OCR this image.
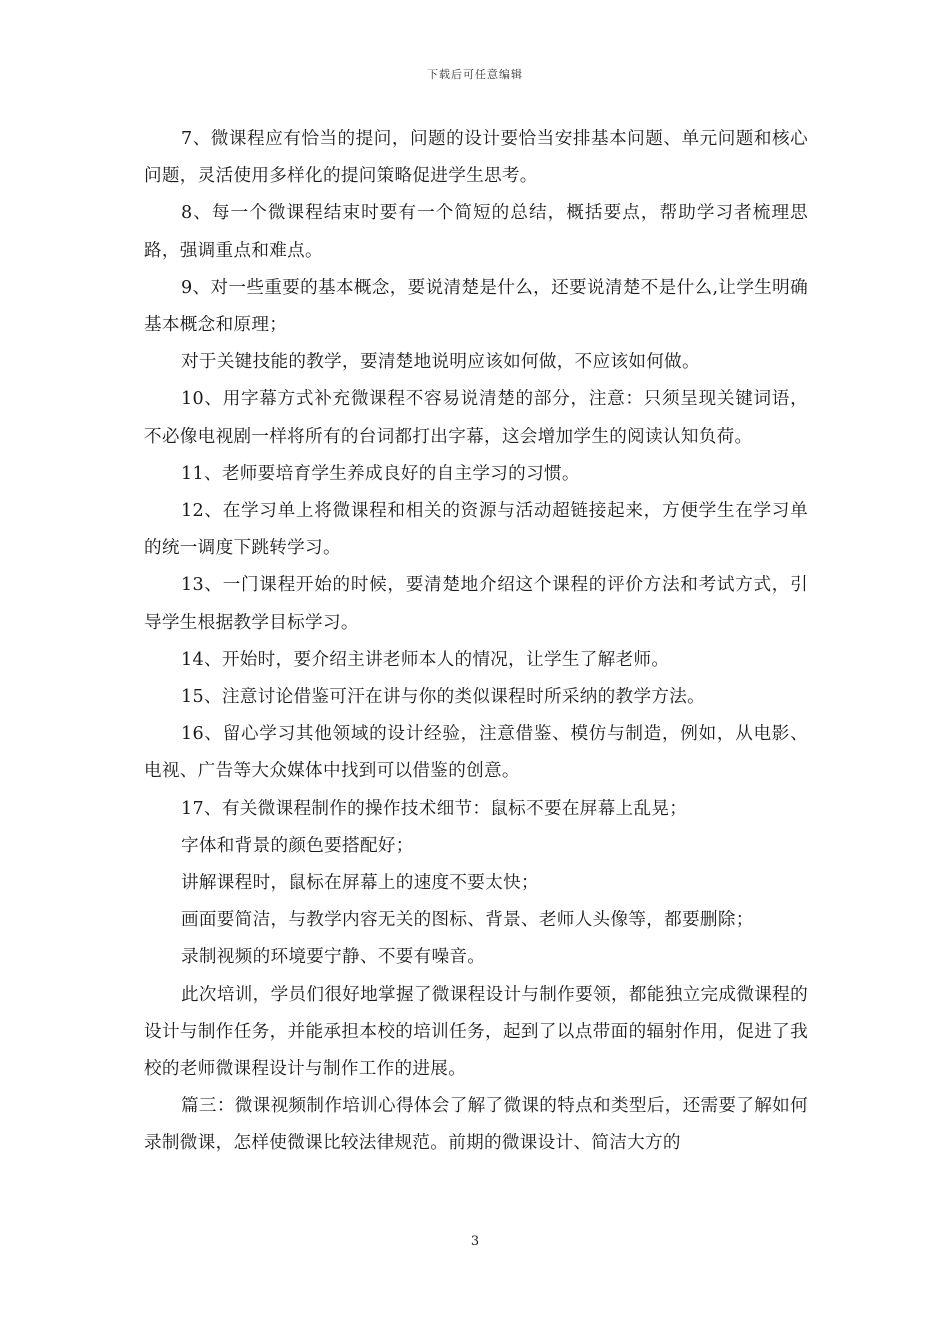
下载后可任意编辑

7、微课程应有恰当的提问，问题的设计要恰当安排基本问题、单元问题和核心问题，灵活使用多样化的提问策略促进学生思考。

8、每一个微课程结束时要有一个简短的总结，概括要点，帮助学习者梳理思路，强调重点和难点。

9、对一些重要的基本概念，要说清楚是什么，还要说清楚不是什么,让学生明确基本概念和原理；

对于关键技能的教学，要清楚地说明应该如何做，不应该如何做。

10、用字幕方式补充微课程不容易说清楚的部分，注意：只须呈现关键词语，不必像电视剧一样将所有的台词都打出字幕，这会增加学生的阅读认知负荷。

11、老师要培育学生养成良好的自主学习的习惯。

12、在学习单上将微课程和相关的资源与活动超链接起来，方便学生在学习单的统一调度下跳转学习。

13、一门课程开始的时候，要清楚地介绍这个课程的评价方法和考试方式，引导学生根据教学目标学习。

14、开始时，要介绍主讲老师本人的情况，让学生了解老师。

15、注意讨论借鉴可汗在讲与你的类似课程时所采纳的教学方法。

16、留心学习其他领域的设计经验，注意借鉴、模仿与制造，例如，从电影、电视、广告等大众媒体中找到可以借鉴的创意。

17、有关微课程制作的操作技术细节：鼠标不要在屏幕上乱晃；

字体和背景的颜色要搭配好；

讲解课程时，鼠标在屏幕上的速度不要太快；

画面要简洁，与教学内容无关的图标、背景、老师人头像等，都要删除；

录制视频的环境要宁静、不要有噪音。

此次培训，学员们很好地掌握了微课程设计与制作要领，都能独立完成微课程的设计与制作任务，并能承担本校的培训任务，起到了以点带面的辐射作用，促进了我校的老师微课程设计与制作工作的进展。

篇三：微课视频制作培训心得体会了解了微课的特点和类型后，还需要了解如何录制微课，怎样使微课比较法律规范。前期的微课设计、简洁大方的

3
